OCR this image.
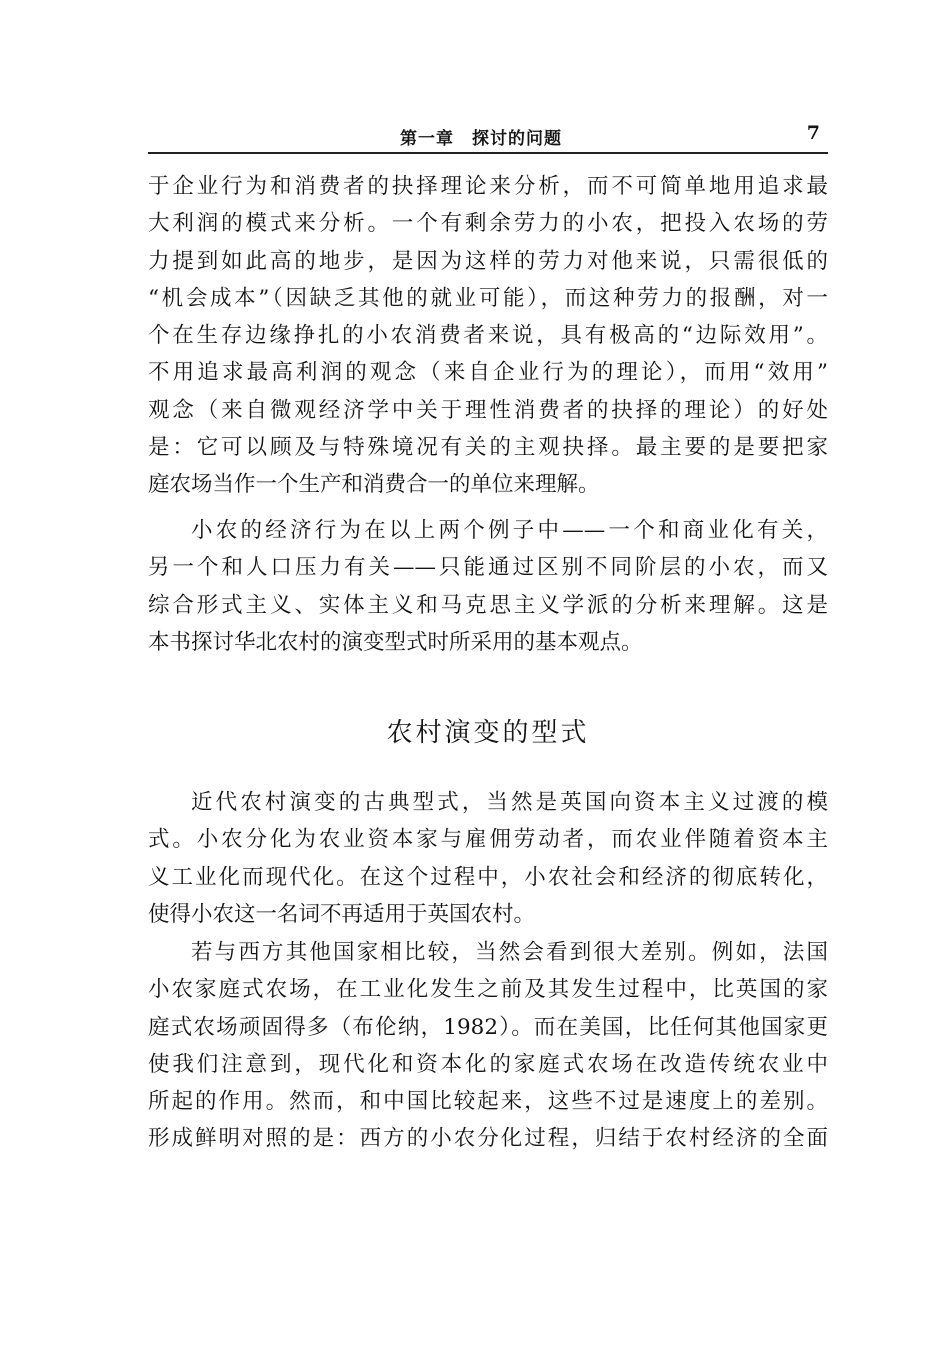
第一章　探讨的问题	7
于企业行为和消费者的抉择理论来分析，而不可简单地用追求最
大利润的模式来分析。一个有剩余劳力的小农，把投入农场的劳
力提到如此高的地步，是因为这样的劳力对他来说，只需很低的
“机会成本”（因缺乏其他的就业可能），而这种劳力的报酬，对一
个在生存边缘挣扎的小农消费者来说，具有极高的“边际效用”。
不用追求最高利润的观念（来自企业行为的理论），而用“效用”
观念（来自微观经济学中关于理性消费者的抉择的理论）的好处
是：它可以顾及与特殊境况有关的主观抉择。最主要的是要把家
庭农场当作一个生产和消费合一的单位来理解。
小农的经济行为在以上两个例子中——一个和商业化有关，
另一个和人口压力有关——只能通过区别不同阶层的小农，而又
综合形式主义、实体主义和马克思主义学派的分析来理解。这是
本书探讨华北农村的演变型式时所采用的基本观点。
农村演变的型式
近代农村演变的古典型式，当然是英国向资本主义过渡的模
式。小农分化为农业资本家与雇佣劳动者，而农业伴随着资本主
义工业化而现代化。在这个过程中，小农社会和经济的彻底转化，
使得小农这一名词不再适用于英国农村。
若与西方其他国家相比较，当然会看到很大差别。例如，法国
小农家庭式农场，在工业化发生之前及其发生过程中，比英国的家
庭式农场顽固得多（布伦纳，1982）。而在美国，比任何其他国家更
使我们注意到，现代化和资本化的家庭式农场在改造传统农业中
所起的作用。然而，和中国比较起来，这些不过是速度上的差别。
形成鲜明对照的是：西方的小农分化过程，归结于农村经济的全面
